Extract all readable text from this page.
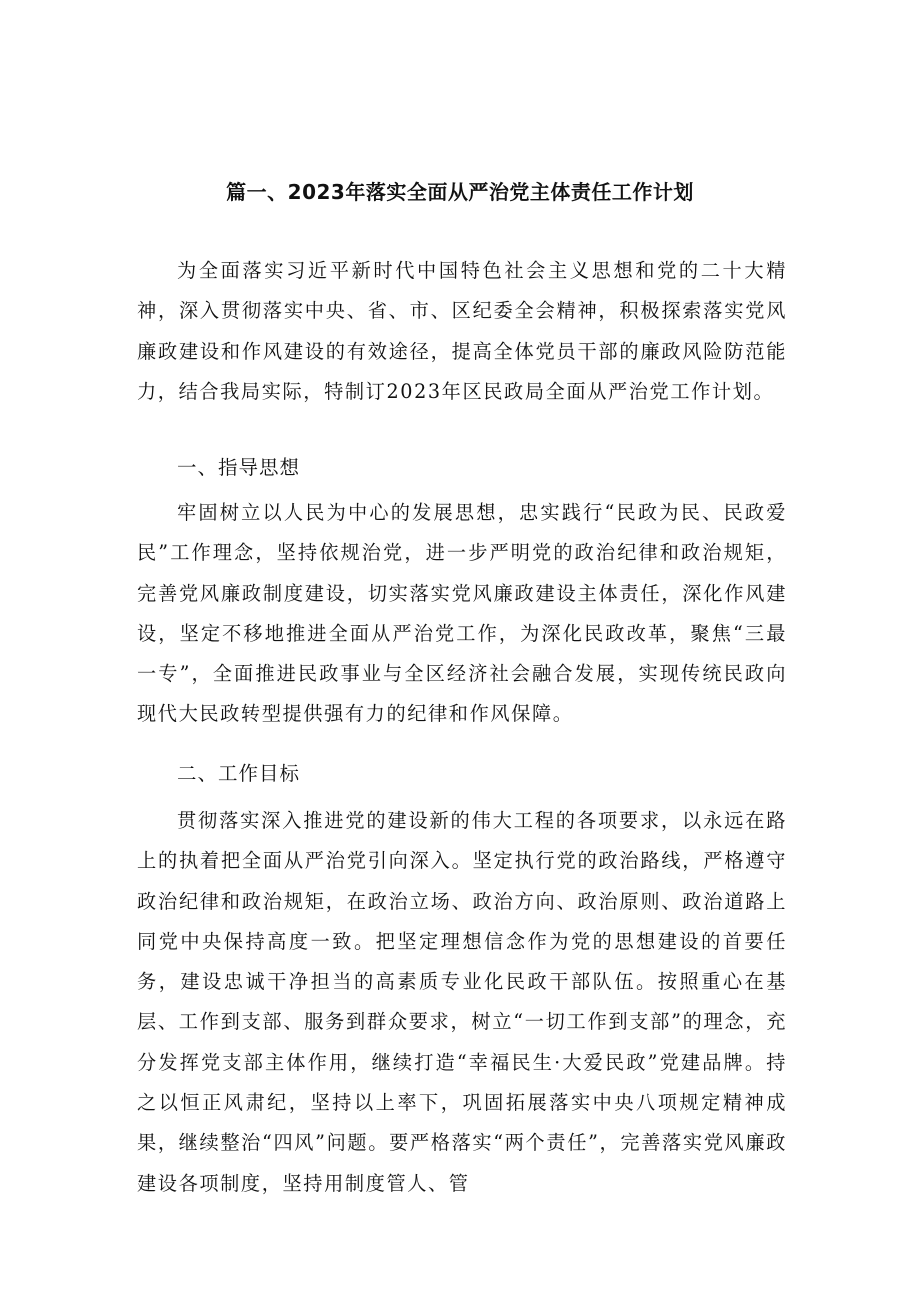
篇一、2023年落实全面从严治党主体责任工作计划

为全面落实习近平新时代中国特色社会主义思想和党的二十大精神，深入贯彻落实中央、省、市、区纪委全会精神，积极探索落实党风廉政建设和作风建设的有效途径，提高全体党员干部的廉政风险防范能力，结合我局实际，特制订2023年区民政局全面从严治党工作计划。

一、指导思想

牢固树立以人民为中心的发展思想，忠实践行“民政为民、民政爱民”工作理念，坚持依规治党，进一步严明党的政治纪律和政治规矩，完善党风廉政制度建设，切实落实党风廉政建设主体责任，深化作风建设，坚定不移地推进全面从严治党工作，为深化民政改革，聚焦“三最一专”，全面推进民政事业与全区经济社会融合发展，实现传统民政向现代大民政转型提供强有力的纪律和作风保障。

二、工作目标

贯彻落实深入推进党的建设新的伟大工程的各项要求，以永远在路上的执着把全面从严治党引向深入。坚定执行党的政治路线，严格遵守政治纪律和政治规矩，在政治立场、政治方向、政治原则、政治道路上同党中央保持高度一致。把坚定理想信念作为党的思想建设的首要任务，建设忠诚干净担当的高素质专业化民政干部队伍。按照重心在基层、工作到支部、服务到群众要求，树立“一切工作到支部”的理念，充分发挥党支部主体作用，继续打造“幸福民生·大爱民政”党建品牌。持之以恒正风肃纪，坚持以上率下，巩固拓展落实中央八项规定精神成果，继续整治“四风”问题。要严格落实“两个责任”，完善落实党风廉政建设各项制度，坚持用制度管人、管
